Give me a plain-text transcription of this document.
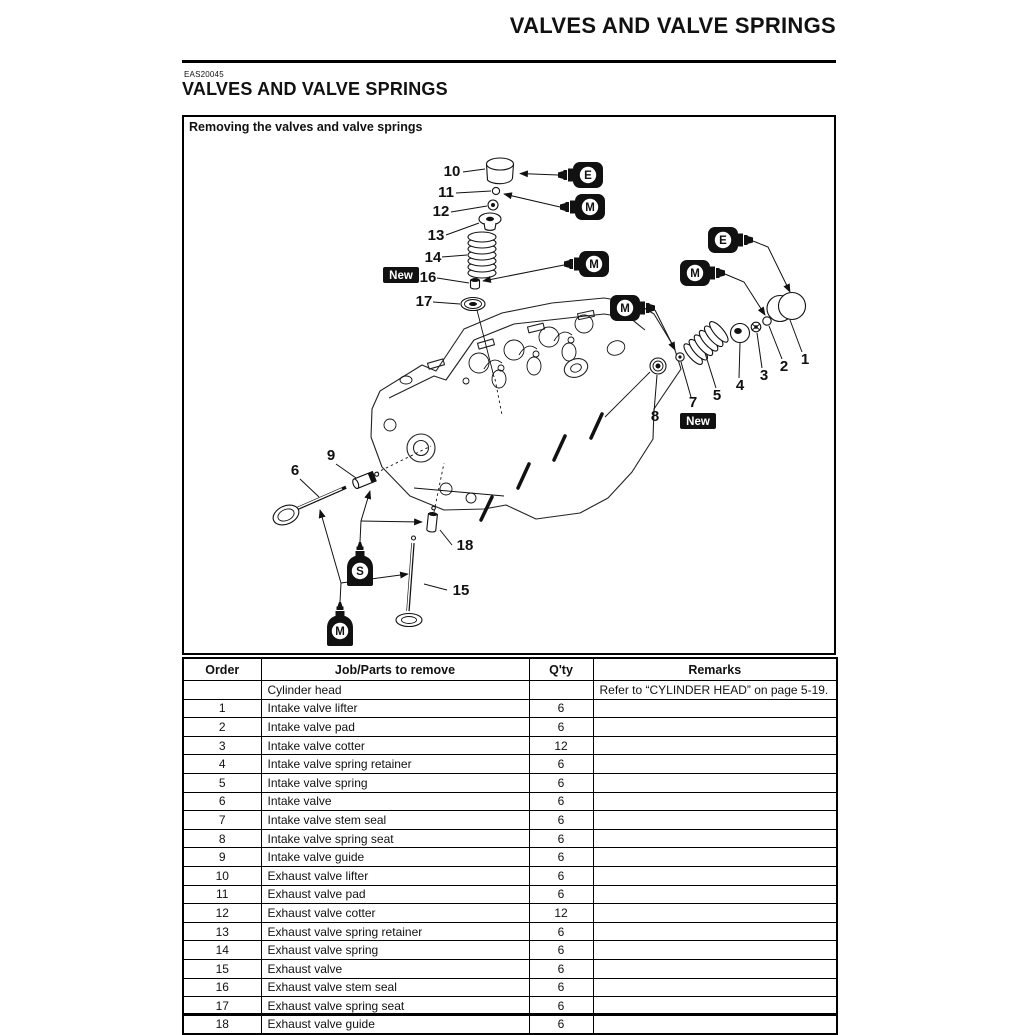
VALVES AND VALVE SPRINGS
EAS20045
VALVES AND VALVE SPRINGS
Removing the valves and valve springs
E
M
M
E
M
M
S
M
New
New
1
2
3
4
5
6
7
8
9
10
11
12
13
14
15
16
17
18
Order	Job/Parts to remove	Q'ty	Remarks
	Cylinder head		Refer to “CYLINDER HEAD” on page 5-19.
1	Intake valve lifter	6	
2	Intake valve pad	6	
3	Intake valve cotter	12	
4	Intake valve spring retainer	6	
5	Intake valve spring	6	
6	Intake valve	6	
7	Intake valve stem seal	6	
8	Intake valve spring seat	6	
9	Intake valve guide	6	
10	Exhaust valve lifter	6	
11	Exhaust valve pad	6	
12	Exhaust valve cotter	12	
13	Exhaust valve spring retainer	6	
14	Exhaust valve spring	6	
15	Exhaust valve	6	
16	Exhaust valve stem seal	6	
17	Exhaust valve spring seat	6	
18	Exhaust valve guide	6	
